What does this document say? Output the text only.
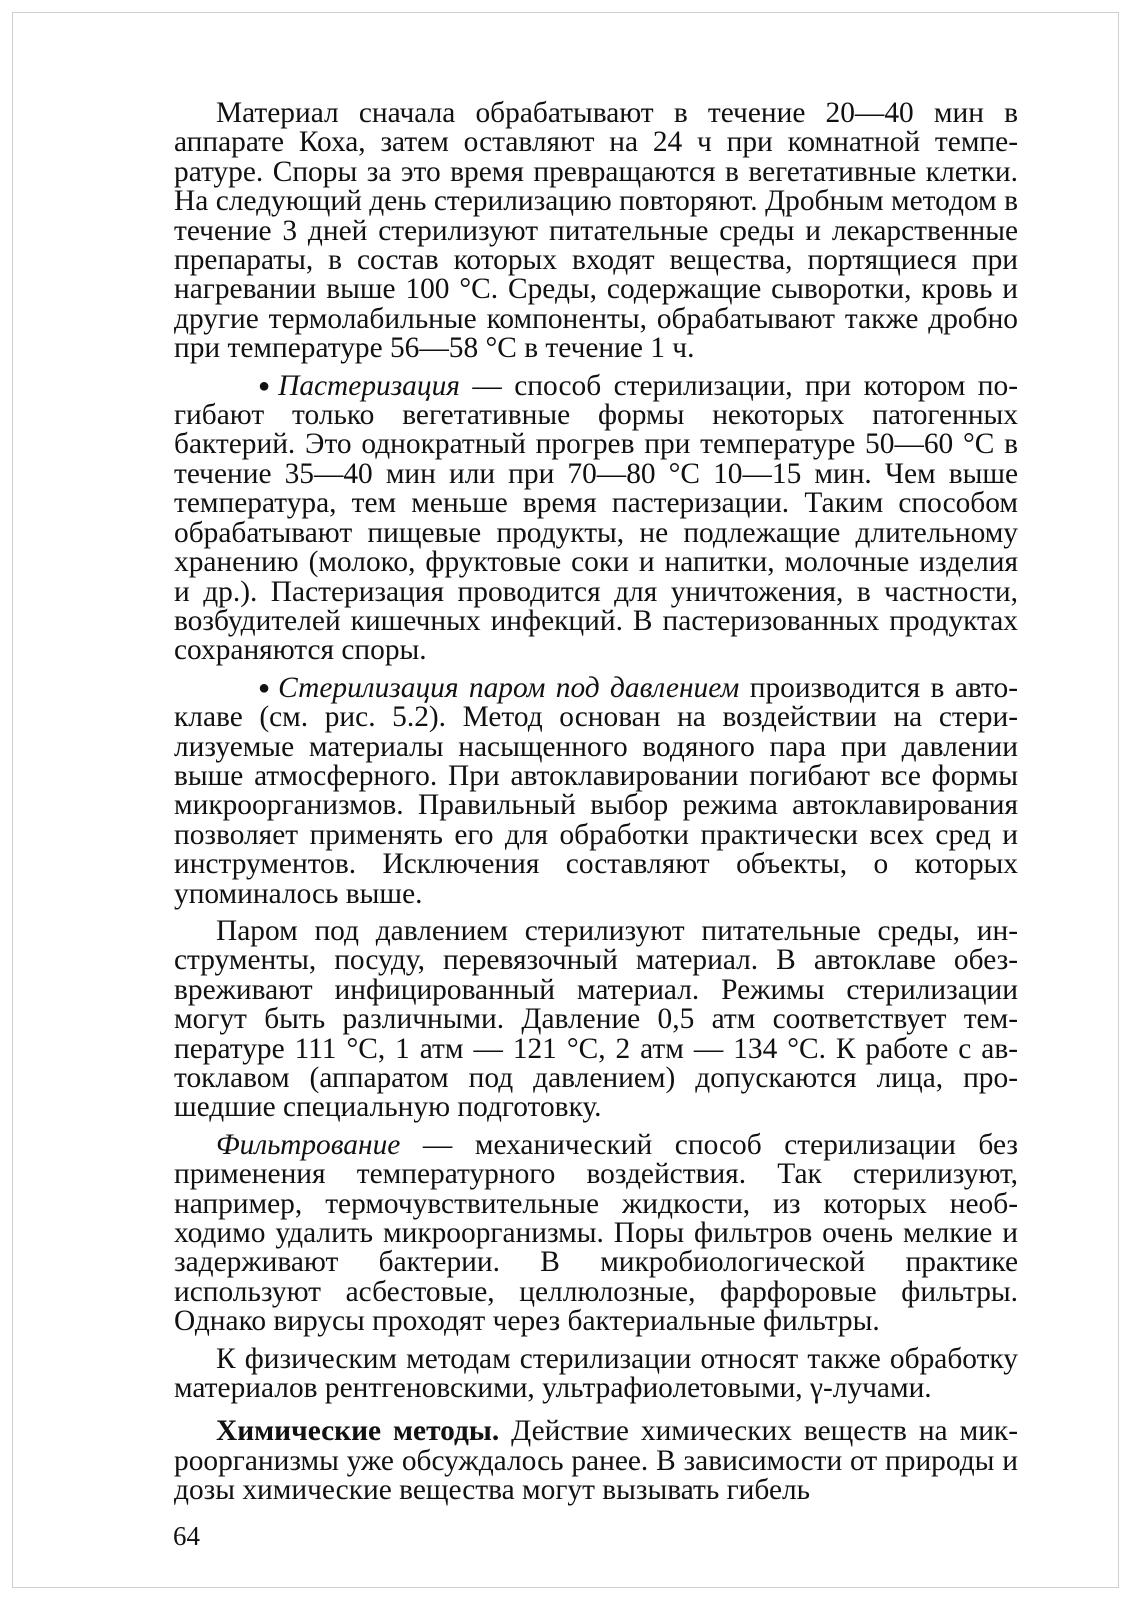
Материал сначала обрабатывают в течение 20—40 мин в аппарате Коха, затем оставляют на 24 ч при комнатной температуре. Споры за это время превращаются в вегетативные клетки. На следующий день стерилизацию повторяют. Дробным методом в течение 3 дней стерилизуют питательные среды и лекарственные препараты, в состав которых входят вещества, портящиеся при нагревании выше 100 °С. Среды, содержащие сыворотки, кровь и другие термолабильные компоненты, обрабатывают также дробно при температуре 56—58 °С в течение 1 ч.

● Пастеризация — способ стерилизации, при котором погибают только вегетативные формы некоторых патогенных бактерий. Это однократный прогрев при температуре 50—60 °С в течение 35—40 мин или при 70—80 °С 10—15 мин. Чем выше температура, тем меньше время пастеризации. Таким способом обрабатывают пищевые продукты, не подлежащие длительному хранению (молоко, фруктовые соки и напитки, молочные изделия и др.). Пастеризация проводится для уничтожения, в частности, возбудителей кишечных инфекций. В пастеризованных продуктах сохраняются споры.

● Стерилизация паром под давлением производится в автоклаве (см. рис. 5.2). Метод основан на воздействии на стерилизуемые материалы насыщенного водяного пара при давлении выше атмосферного. При автоклавировании погибают все формы микроорганизмов. Правильный выбор режима автоклавирования позволяет применять его для обработки практически всех сред и инструментов. Исключения составляют объекты, о которых упоминалось выше.

Паром под давлением стерилизуют питательные среды, инструменты, посуду, перевязочный материал. В автоклаве обезвреживают инфицированный материал. Режимы стерилизации могут быть различными. Давление 0,5 атм соответствует температуре 111 °С, 1 атм — 121 °С, 2 атм — 134 °С. К работе с автоклавом (аппаратом под давлением) допускаются лица, прошедшие специальную подготовку.

Фильтрование — механический способ стерилизации без применения температурного воздействия. Так стерилизуют, например, термочувствительные жидкости, из которых необходимо удалить микроорганизмы. Поры фильтров очень мелкие и задерживают бактерии. В микробиологической практике используют асбестовые, целлюлозные, фарфоровые фильтры. Однако вирусы проходят через бактериальные фильтры.

К физическим методам стерилизации относят также обработку материалов рентгеновскими, ультрафиолетовыми, γ-лучами.

Химические методы. Действие химических веществ на микроорганизмы уже обсуждалось ранее. В зависимости от природы и дозы химические вещества могут вызывать гибель

64
